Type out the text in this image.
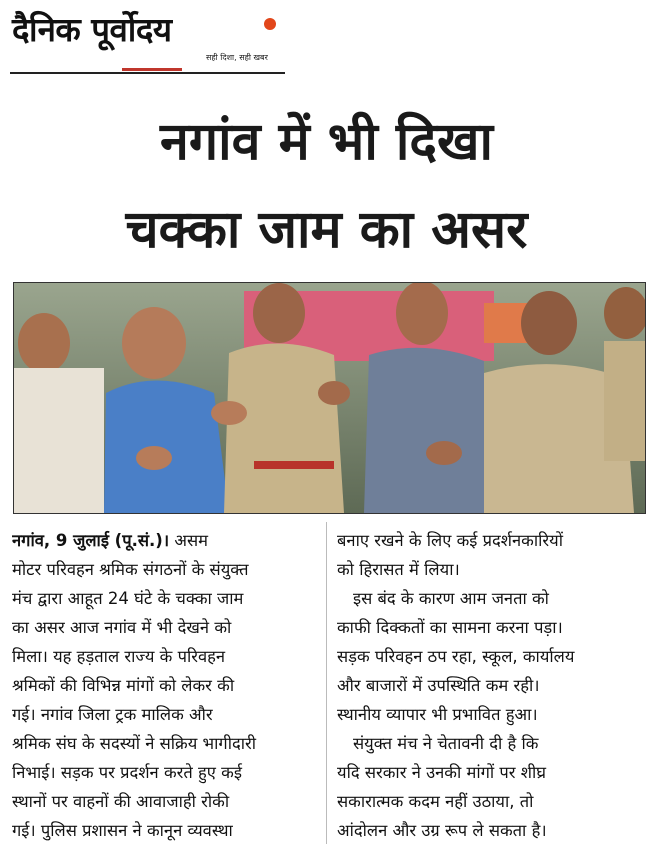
दैनिक पूर्वोदय
सही दिशा, सही खबर
नगांव में भी दिखा
चक्का जाम का असर
नगांव, 9 जुलाई (पू.सं.)। असम
मोटर परिवहन श्रमिक संगठनों के संयुक्त
मंच द्वारा आहूत 24 घंटे के चक्का जाम
का असर आज नगांव में भी देखने को
मिला। यह हड़ताल राज्य के परिवहन
श्रमिकों की विभिन्न मांगों को लेकर की
गई। नगांव जिला ट्रक मालिक और
श्रमिक संघ के सदस्यों ने सक्रिय भागीदारी
निभाई। सड़क पर प्रदर्शन करते हुए कई
स्थानों पर वाहनों की आवाजाही रोकी
गई। पुलिस प्रशासन ने कानून व्यवस्था
बनाए रखने के लिए कई प्रदर्शनकारियों
को हिरासत में लिया।
इस बंद के कारण आम जनता को
काफी दिक्कतों का सामना करना पड़ा।
सड़क परिवहन ठप रहा, स्कूल, कार्यालय
और बाजारों में उपस्थिति कम रही।
स्थानीय व्यापार भी प्रभावित हुआ।
संयुक्त मंच ने चेतावनी दी है कि
यदि सरकार ने उनकी मांगों पर शीघ्र
सकारात्मक कदम नहीं उठाया, तो
आंदोलन और उग्र रूप ले सकता है।
